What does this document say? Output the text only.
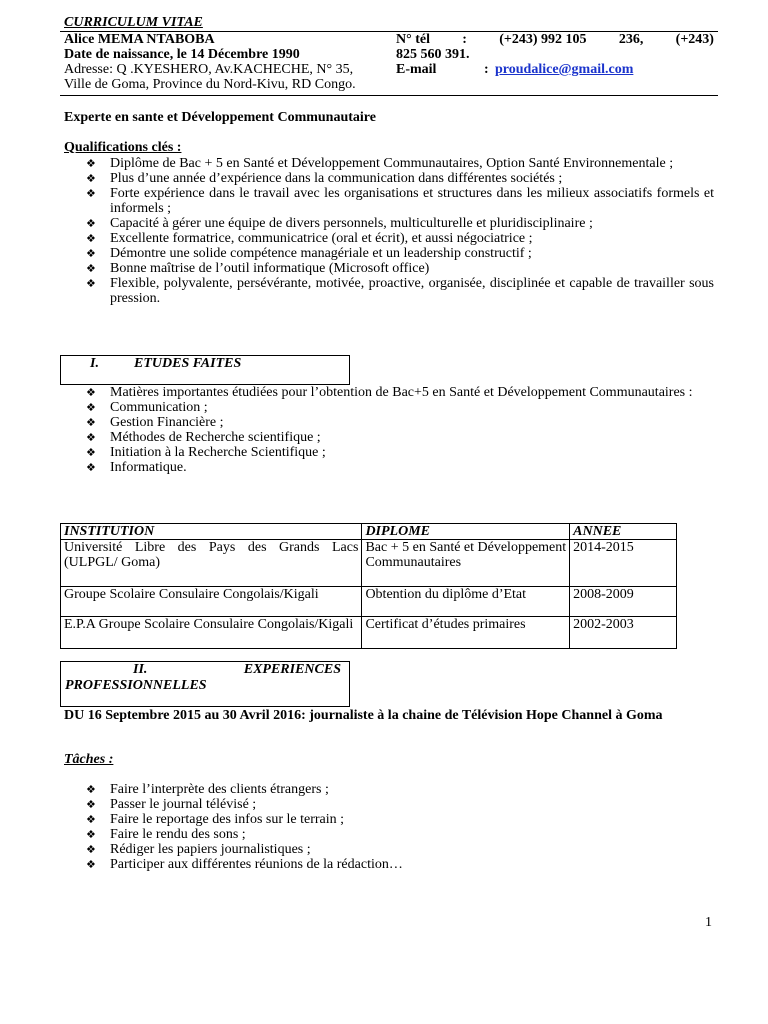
CURRICULUM VITAE
Alice MEMA NTABOBA
Date de naissance, le 14 Décembre 1990
Adresse: Q .KYESHERO, Av.KACHECHE, N° 35,
Ville de Goma, Province du Nord-Kivu, RD Congo.
N° tél : (+243) 992 105 236, (+243)
825 560 391.
E-mail	: proudalice@gmail.com
Experte en sante et Développement Communautaire
Qualifications clés :
❖ Diplôme de Bac + 5 en Santé et Développement Communautaires, Option Santé Environnementale ;
❖ Plus d’une année d’expérience dans la communication dans différentes sociétés ;
❖ Forte expérience dans le travail avec les organisations et structures dans les milieux associatifs formels et informels ;
❖ Capacité à gérer une équipe de divers personnels, multiculturelle et pluridisciplinaire ;
❖ Excellente formatrice, communicatrice (oral et écrit), et aussi négociatrice ;
❖ Démontre une solide compétence managériale et un leadership constructif ;
❖ Bonne maîtrise de l’outil informatique (Microsoft office)
❖ Flexible, polyvalente, persévérante, motivée, proactive, organisée, disciplinée et capable de travailler sous pression.
I.	ETUDES FAITES
❖ Matières importantes étudiées pour l’obtention de Bac+5 en Santé et Développement Communautaires :
❖ Communication ;
❖ Gestion Financière ;
❖ Méthodes de Recherche scientifique ;
❖ Initiation à la Recherche Scientifique ;
❖ Informatique.
INSTITUTION	DIPLOME	ANNEE
Université Libre des Pays des Grands Lacs (ULPGL/ Goma)	Bac + 5 en Santé et Développement Communautaires	2014-2015
Groupe Scolaire Consulaire Congolais/Kigali	Obtention du diplôme d’Etat	2008-2009
E.P.A Groupe Scolaire Consulaire Congolais/Kigali	Certificat d’études primaires	2002-2003
II.	EXPERIENCES
PROFESSIONNELLES
DU 16 Septembre 2015 au 30 Avril 2016: journaliste à la chaine de Télévision Hope Channel à Goma
Tâches :
❖ Faire l’interprète des clients étrangers ;
❖ Passer le journal télévisé ;
❖ Faire le reportage des infos sur le terrain ;
❖ Faire le rendu des sons ;
❖ Rédiger les papiers journalistiques ;
❖ Participer aux différentes réunions de la rédaction…
1
